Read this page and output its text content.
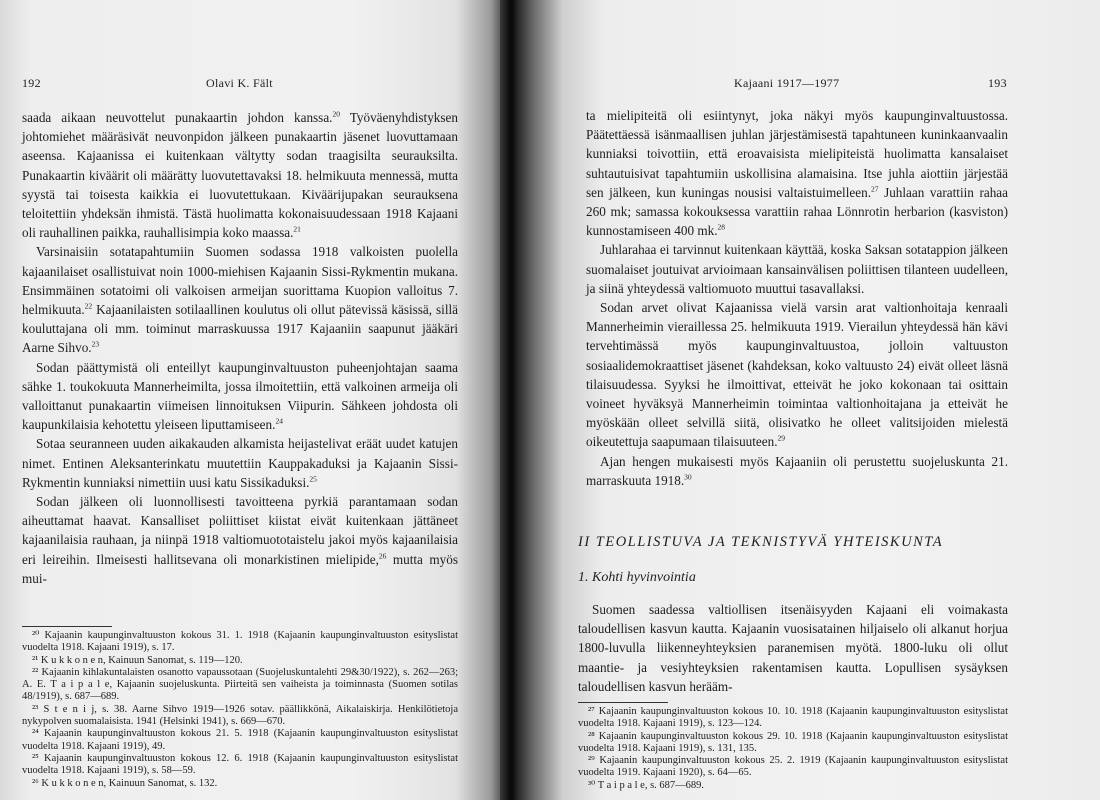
192	Olavi K. Fält

saada aikaan neuvottelut punakaartin johdon kanssa.$^{20}$ Työväenyhdistyksen johtomiehet määräsivät neuvonpidon jälkeen punakaartin jäsenet luovuttamaan aseensa. Kajaanissa ei kuitenkaan vältytty sodan traagisilta seurauksilta. Punakaartin kiväärit oli määrätty luovutettavaksi 18. helmikuuta mennessä, mutta syystä tai toisesta kaikkia ei luovutettukaan. Kiväärijupakan seurauksena teloitettiin yhdeksän ihmistä. Tästä huolimatta kokonaisuudessaan 1918 Kajaani oli rauhallinen paikka, rauhallisimpia koko maassa.$^{21}$

Varsinaisiin sotatapahtumiin Suomen sodassa 1918 valkoisten puolella kajaanilaiset osallistuivat noin 1000-miehisen Kajaanin Sissi-Rykmentin mukana. Ensimmäinen sotatoimi oli valkoisen armeijan suorittama Kuopion valloitus 7. helmikuuta.$^{22}$ Kajaanilaisten sotilaallinen koulutus oli ollut pätevissä käsissä, sillä kouluttajana oli mm. toiminut marraskuussa 1917 Kajaaniin saapunut jääkäri Aarne Sihvo.$^{23}$

Sodan päättymistä oli enteillyt kaupunginvaltuuston puheenjohtajan saama sähke 1. toukokuuta Mannerheimilta, jossa ilmoitettiin, että valkoinen armeija oli valloittanut punakaartin viimeisen linnoituksen Viipurin. Sähkeen johdosta oli kaupunkilaisia kehotettu yleiseen liputtamiseen.$^{24}$

Sotaa seuranneen uuden aikakauden alkamista heijastelivat eräät uudet katujen nimet. Entinen Aleksanterinkatu muutettiin Kauppakaduksi ja Kajaanin Sissi-Rykmentin kunniaksi nimettiin uusi katu Sissikaduksi.$^{25}$

Sodan jälkeen oli luonnollisesti tavoitteena pyrkiä parantamaan sodan aiheuttamat haavat. Kansalliset poliittiset kiistat eivät kuitenkaan jättäneet kajaanilaisia rauhaan, ja niinpä 1918 valtiomuototaistelu jakoi myös kajaanilaisia eri leireihin. Ilmeisesti hallitsevana oli monarkistinen mielipide,$^{26}$ mutta myös mui-

²⁰ Kajaanin kaupunginvaltuuston kokous 31. 1. 1918 (Kajaanin kaupunginvaltuuston esityslistat vuodelta 1918. Kajaani 1919), s. 17.

²¹ K u k k o n e n, Kainuun Sanomat, s. 119—120.

²² Kajaanin kihlakuntalaisten osanotto vapaussotaan (Suojeluskuntalehti 29&30/1922), s. 262—263; A. E. T a i p a l e, Kajaanin suojeluskunta. Piirteitä sen vaiheista ja toiminnasta (Suomen sotilas 48/1919), s. 687—689.

²³ S t e n i j, s. 38. Aarne Sihvo 1919—1926 sotav. päällikkönä, Aikalaiskirja. Henkilötietoja nykypolven suomalaisista. 1941 (Helsinki 1941), s. 669—670.

²⁴ Kajaanin kaupunginvaltuuston kokous 21. 5. 1918 (Kajaanin kaupunginvaltuuston esityslistat vuodelta 1918. Kajaani 1919), 49.

²⁵ Kajaanin kaupunginvaltuuston kokous 12. 6. 1918 (Kajaanin kaupunginvaltuuston esityslistat vuodelta 1918. Kajaani 1919), s. 58—59.

²⁶ K u k k o n e n, Kainuun Sanomat, s. 132.

Kajaani 1917—1977	193

ta mielipiteitä oli esiintynyt, joka näkyi myös kaupunginvaltuustossa. Päätettäessä isänmaallisen juhlan järjestämisestä tapahtuneen kuninkaanvaalin kunniaksi toivottiin, että eroavaisista mielipiteistä huolimatta kansalaiset suhtautuisivat tapahtumiin uskollisina alamaisina. Itse juhla aiottiin järjestää sen jälkeen, kun kuningas nousisi valtaistuimelleen.$^{27}$ Juhlaan varattiin rahaa 260 mk; samassa kokouksessa varattiin rahaa Lönnrotin herbarion (kasviston) kunnostamiseen 400 mk.$^{28}$

Juhlarahaa ei tarvinnut kuitenkaan käyttää, koska Saksan sotatappion jälkeen suomalaiset joutuivat arvioimaan kansainvälisen poliittisen tilanteen uudelleen, ja siinä yhteydessä valtiomuoto muuttui tasavallaksi.

Sodan arvet olivat Kajaanissa vielä varsin arat valtionhoitaja kenraali Mannerheimin vieraillessa 25. helmikuuta 1919. Vierailun yhteydessä hän kävi tervehtimässä myös kaupunginvaltuustoa, jolloin valtuuston sosiaalidemokraattiset jäsenet (kahdeksan, koko valtuusto 24) eivät olleet läsnä tilaisuudessa. Syyksi he ilmoittivat, etteivät he joko kokonaan tai osittain voineet hyväksyä Mannerheimin toimintaa valtionhoitajana ja etteivät he myöskään olleet selvillä siitä, olisivatko he olleet valitsijoiden mielestä oikeutettuja saapumaan tilaisuuteen.$^{29}$

Ajan hengen mukaisesti myös Kajaaniin oli perustettu suojeluskunta 21. marraskuuta 1918.30

II TEOLLISTUVA JA TEKNISTYVÄ YHTEISKUNTA
1. Kohti hyvinvointia

Suomen saadessa valtiollisen itsenäisyyden Kajaani eli voimakasta taloudellisen kasvun kautta. Kajaanin vuosisatainen hiljaiselo oli alkanut horjua 1800-luvulla liikenneyhteyksien paranemisen myötä. 1800-luku oli ollut maantie- ja vesiyhteyksien rakentamisen kautta. Lopullisen sysäyksen taloudellisen kasvun herääm-

²⁷ Kajaanin kaupunginvaltuuston kokous 10. 10. 1918 (Kajaanin kaupunginvaltuuston esityslistat vuodelta 1918. Kajaani 1919), s. 123—124.

²⁸ Kajaanin kaupunginvaltuuston kokous 29. 10. 1918 (Kajaanin kaupunginvaltuuston esityslistat vuodelta 1918. Kajaani 1919), s. 131, 135.

²⁹ Kajaanin kaupunginvaltuuston kokous 25. 2. 1919 (Kajaanin kaupunginvaltuuston esityslistat vuodelta 1919. Kajaani 1920), s. 64—65.

³⁰ T a i p a l e, s. 687—689.
